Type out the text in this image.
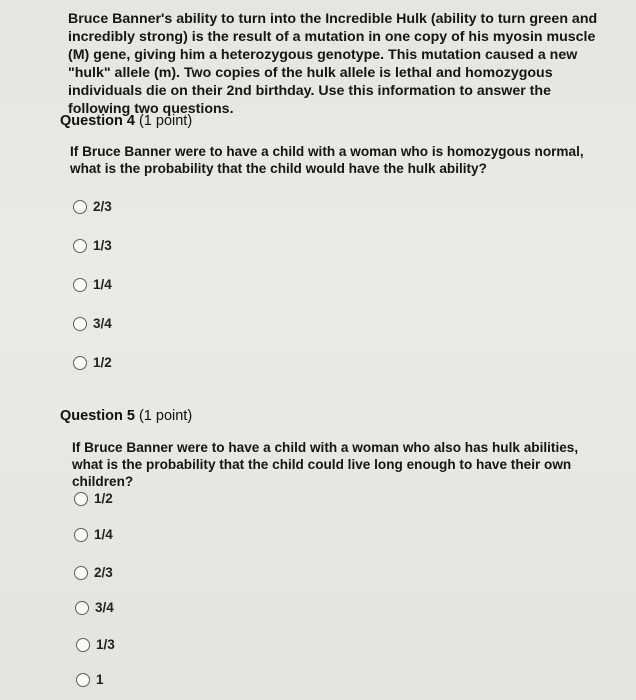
Bruce Banner's ability to turn into the Incredible Hulk (ability to turn green and incredibly strong) is the result of a mutation in one copy of his myosin muscle (M) gene, giving him a heterozygous genotype. This mutation caused a new "hulk" allele (m). Two copies of the hulk allele is lethal and homozygous individuals die on their 2nd birthday. Use this information to answer the following two questions.
Question 4 (1 point)
If Bruce Banner were to have a child with a woman who is homozygous normal, what is the probability that the child would have the hulk ability?
2/3
1/3
1/4
3/4
1/2
Question 5 (1 point)
If Bruce Banner were to have a child with a woman who also has hulk abilities, what is the probability that the child could live long enough to have their own children?
1/2
1/4
2/3
3/4
1/3
1
